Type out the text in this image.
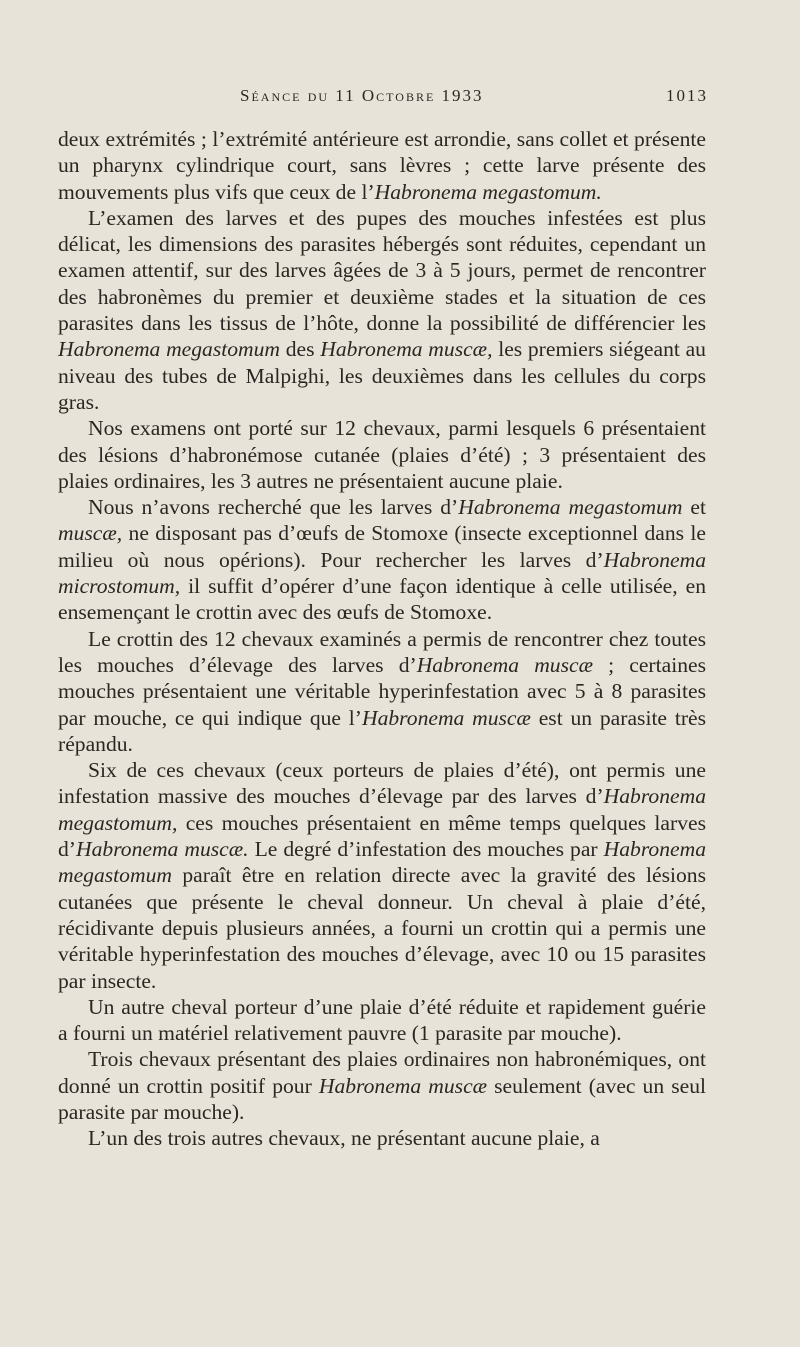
Séance du 11 Octobre 1933	1013

deux extrémités ; l’extrémité antérieure est arrondie, sans collet et présente un pharynx cylindrique court, sans lèvres ; cette larve présente des mouvements plus vifs que ceux de l’Habronema megastomum.

L’examen des larves et des pupes des mouches infestées est plus délicat, les dimensions des parasites hébergés sont réduites, cependant un examen attentif, sur des larves âgées de 3 à 5 jours, permet de rencontrer des habronèmes du premier et deuxième stades et la situation de ces parasites dans les tissus de l’hôte, donne la possibilité de différencier les Habronema megastomum des Habronema muscæ, les premiers siégeant au niveau des tubes de Malpighi, les deuxièmes dans les cellules du corps gras.

Nos examens ont porté sur 12 chevaux, parmi lesquels 6 présentaient des lésions d’habronémose cutanée (plaies d’été) ; 3 présentaient des plaies ordinaires, les 3 autres ne présentaient aucune plaie.

Nous n’avons recherché que les larves d’Habronema megastomum et muscæ, ne disposant pas d’œufs de Stomoxe (insecte exceptionnel dans le milieu où nous opérions). Pour rechercher les larves d’Habronema microstomum, il suffit d’opérer d’une façon identique à celle utilisée, en ensemençant le crottin avec des œufs de Stomoxe.

Le crottin des 12 chevaux examinés a permis de rencontrer chez toutes les mouches d’élevage des larves d’Habronema muscæ ; certaines mouches présentaient une véritable hyperinfestation avec 5 à 8 parasites par mouche, ce qui indique que l’Habronema muscæ est un parasite très répandu.

Six de ces chevaux (ceux porteurs de plaies d’été), ont permis une infestation massive des mouches d’élevage par des larves d’Habronema megastomum, ces mouches présentaient en même temps quelques larves d’Habronema muscæ. Le degré d’infestation des mouches par Habronema megastomum paraît être en relation directe avec la gravité des lésions cutanées que présente le cheval donneur. Un cheval à plaie d’été, récidivante depuis plusieurs années, a fourni un crottin qui a permis une véritable hyperinfestation des mouches d’élevage, avec 10 ou 15 parasites par insecte.

Un autre cheval porteur d’une plaie d’été réduite et rapidement guérie a fourni un matériel relativement pauvre (1 parasite par mouche).

Trois chevaux présentant des plaies ordinaires non habronémiques, ont donné un crottin positif pour Habronema muscæ seulement (avec un seul parasite par mouche).

L’un des trois autres chevaux, ne présentant aucune plaie, a
